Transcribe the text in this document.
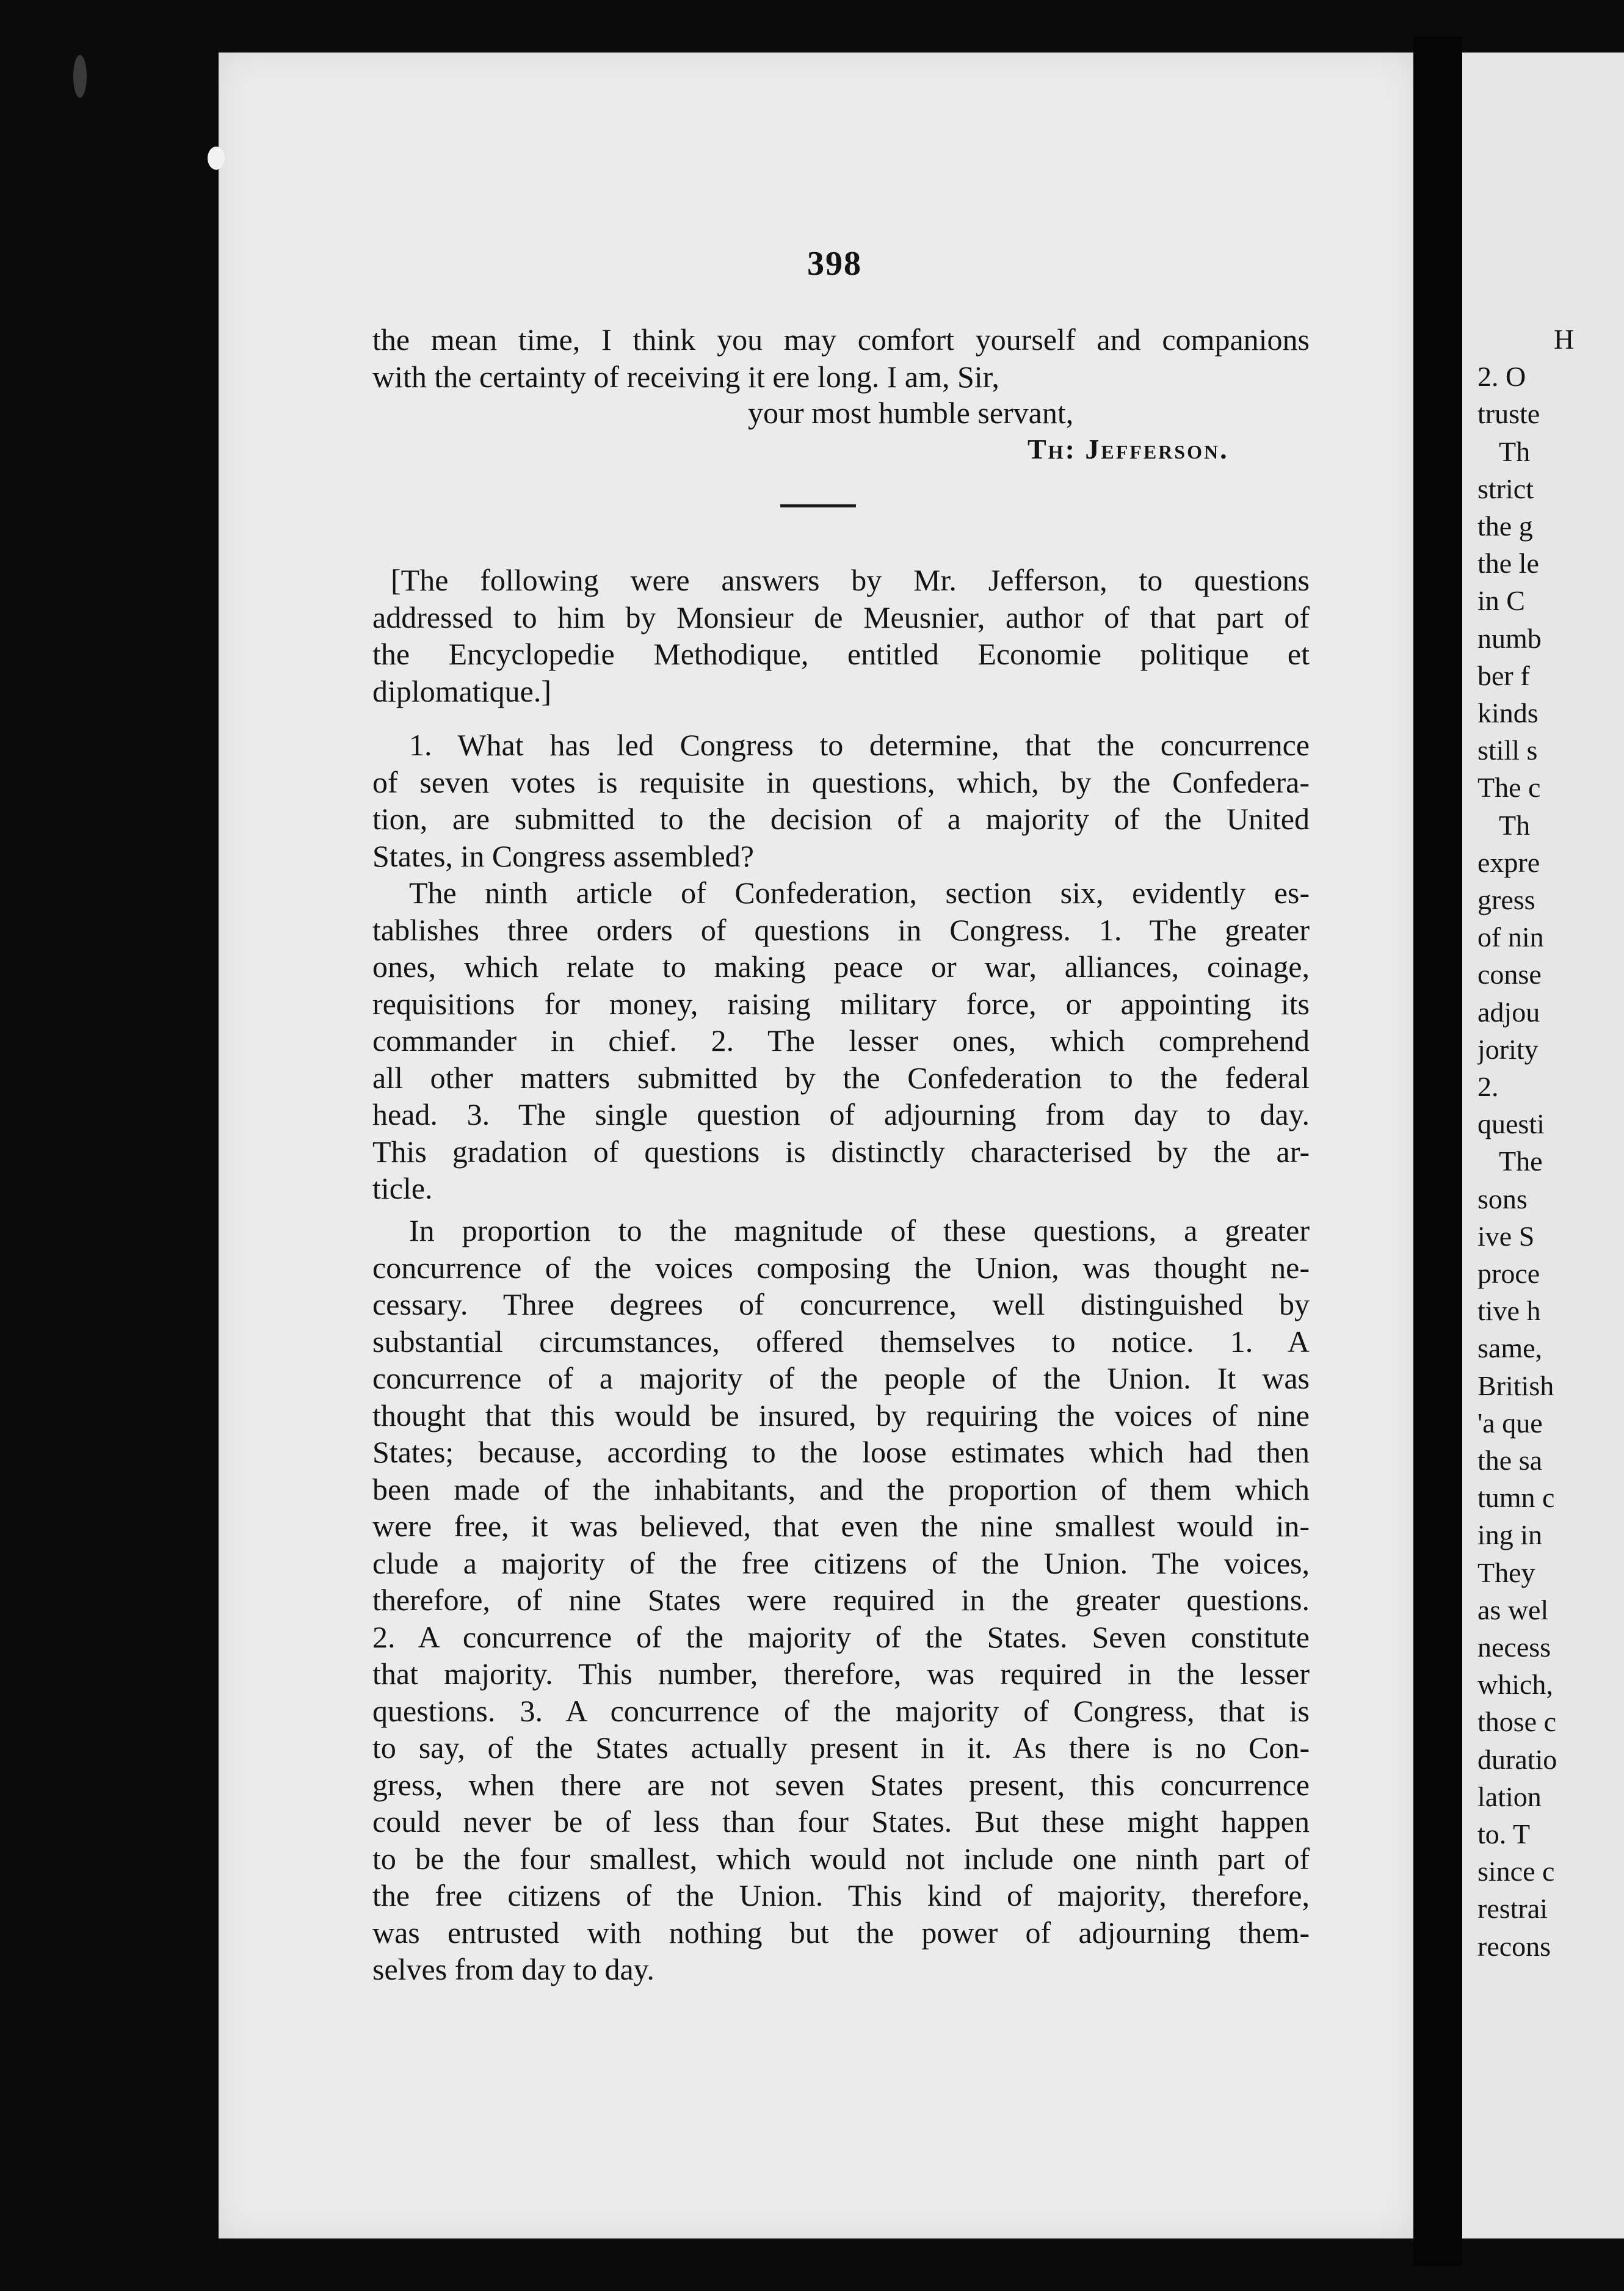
H
2. O
truste
Th
strict
the g
the le
in C
numb
ber f
kinds
still s
The c
Th
expre
gress
of nin
conse
adjou
jority
2.
questi
The
sons
ive S
proce
tive h
same,
British
'a que
the sa
tumn c
ing in
They
as wel
necess
which,
those c
duratio
lation
to. T
since c
restrai
recons
398
the mean time, I think you may comfort yourself and companions
with the certainty of receiving it ere long. I am, Sir,
your most humble servant,
Th: Jefferson.
[The following were answers by Mr. Jefferson, to questions
addressed to him by Monsieur de Meusnier, author of that part of
the Encyclopedie Methodique, entitled Economie politique et
diplomatique.]
1. What has led Congress to determine, that the concurrence
of seven votes is requisite in questions, which, by the Confedera-
tion, are submitted to the decision of a majority of the United
States, in Congress assembled?
The ninth article of Confederation, section six, evidently es-
tablishes three orders of questions in Congress. 1. The greater
ones, which relate to making peace or war, alliances, coinage,
requisitions for money, raising military force, or appointing its
commander in chief. 2. The lesser ones, which comprehend
all other matters submitted by the Confederation to the federal
head. 3. The single question of adjourning from day to day.
This gradation of questions is distinctly characterised by the ar-
ticle.
In proportion to the magnitude of these questions, a greater
concurrence of the voices composing the Union, was thought ne-
cessary. Three degrees of concurrence, well distinguished by
substantial circumstances, offered themselves to notice. 1. A
concurrence of a majority of the people of the Union. It was
thought that this would be insured, by requiring the voices of nine
States; because, according to the loose estimates which had then
been made of the inhabitants, and the proportion of them which
were free, it was believed, that even the nine smallest would in-
clude a majority of the free citizens of the Union. The voices,
therefore, of nine States were required in the greater questions.
2. A concurrence of the majority of the States. Seven constitute
that majority. This number, therefore, was required in the lesser
questions. 3. A concurrence of the majority of Congress, that is
to say, of the States actually present in it. As there is no Con-
gress, when there are not seven States present, this concurrence
could never be of less than four States. But these might happen
to be the four smallest, which would not include one ninth part of
the free citizens of the Union. This kind of majority, therefore,
was entrusted with nothing but the power of adjourning them-
selves from day to day.
